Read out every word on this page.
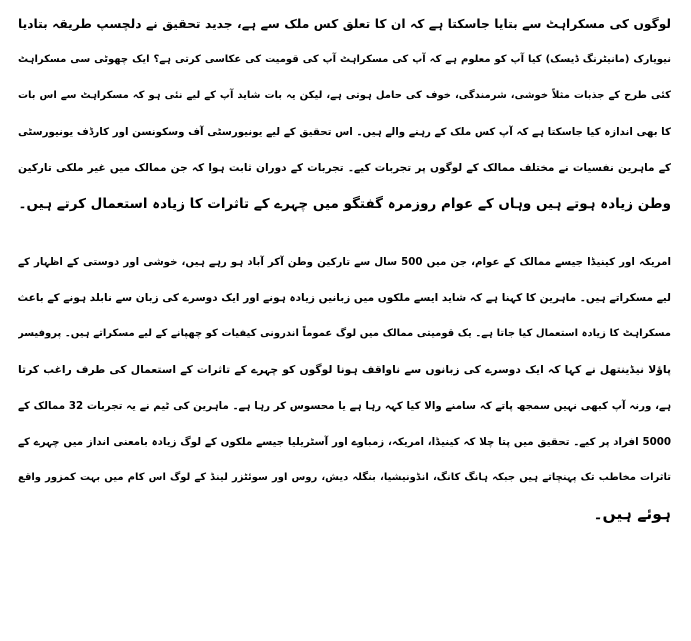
لوگوں کی مسکراہٹ سے بتایا جاسکتا ہے کہ ان کا تعلق کس ملک سے ہے، جدید تحقیق نے دلچسپ طریقہ بتادیا
نیویارک (مانیٹرنگ ڈیسک) کیا آپ کو معلوم ہے کہ آپ کی مسکراہٹ آپ کی قومیت کی عکاسی کرتی ہے؟ ایک چھوٹی سی مسکراہٹ
کئی طرح کے جذبات مثلاً خوشی، شرمندگی، خوف کی حامل ہوتی ہے، لیکن یہ بات شاید آپ کے لیے نئی ہو کہ مسکراہٹ سے اس بات
کا بھی اندازہ کیا جاسکتا ہے کہ آپ کس ملک کے رہنے والے ہیں۔ اس تحقیق کے لیے یونیورسٹی آف وسکونسن اور کارڈف یونیورسٹی
کے ماہرین نفسیات نے مختلف ممالک کے لوگوں پر تجربات کیے۔ تجربات کے دوران ثابت ہوا کہ جن ممالک میں غیر ملکی تارکین
وطن زیادہ ہوتے ہیں وہاں کے عوام روزمرہ گفتگو میں چہرے کے تاثرات کا زیادہ استعمال کرتے ہیں۔
امریکہ اور کینیڈا جیسے ممالک کے عوام، جن میں 500 سال سے تارکین وطن آکر آباد ہو رہے ہیں، خوشی اور دوستی کے اظہار کے
لیے مسکراتے ہیں۔ ماہرین کا کہنا ہے کہ شاید ایسے ملکوں میں زبانیں زیادہ ہونے اور ایک دوسرے کی زبان سے نابلد ہونے کے باعث
مسکراہٹ کا زیادہ استعمال کیا جاتا ہے۔ یک قومیتی ممالک میں لوگ عموماً اندرونی کیفیات کو چھپانے کے لیے مسکراتے ہیں۔ پروفیسر
پاؤلا نیڈینتھل نے کہا کہ ایک دوسرے کی زبانوں سے ناواقف ہونا لوگوں کو چہرے کے تاثرات کے استعمال کی طرف راغب کرتا
ہے، ورنہ آپ کبھی نہیں سمجھ پاتے کہ سامنے والا کیا کہہ رہا ہے یا محسوس کر رہا ہے۔ ماہرین کی ٹیم نے یہ تجربات 32 ممالک کے
5000 افراد پر کیے۔ تحقیق میں پتا چلا کہ کینیڈا، امریکہ، زمباوے اور آسٹریلیا جیسے ملکوں کے لوگ زیادہ بامعنی انداز میں چہرے کے
تاثرات مخاطب تک پہنچاتے ہیں جبکہ ہانگ کانگ، انڈونیشیا، بنگلہ دیش، روس اور سوئٹزر لینڈ کے لوگ اس کام میں بہت کمزور واقع
ہوئے ہیں۔
